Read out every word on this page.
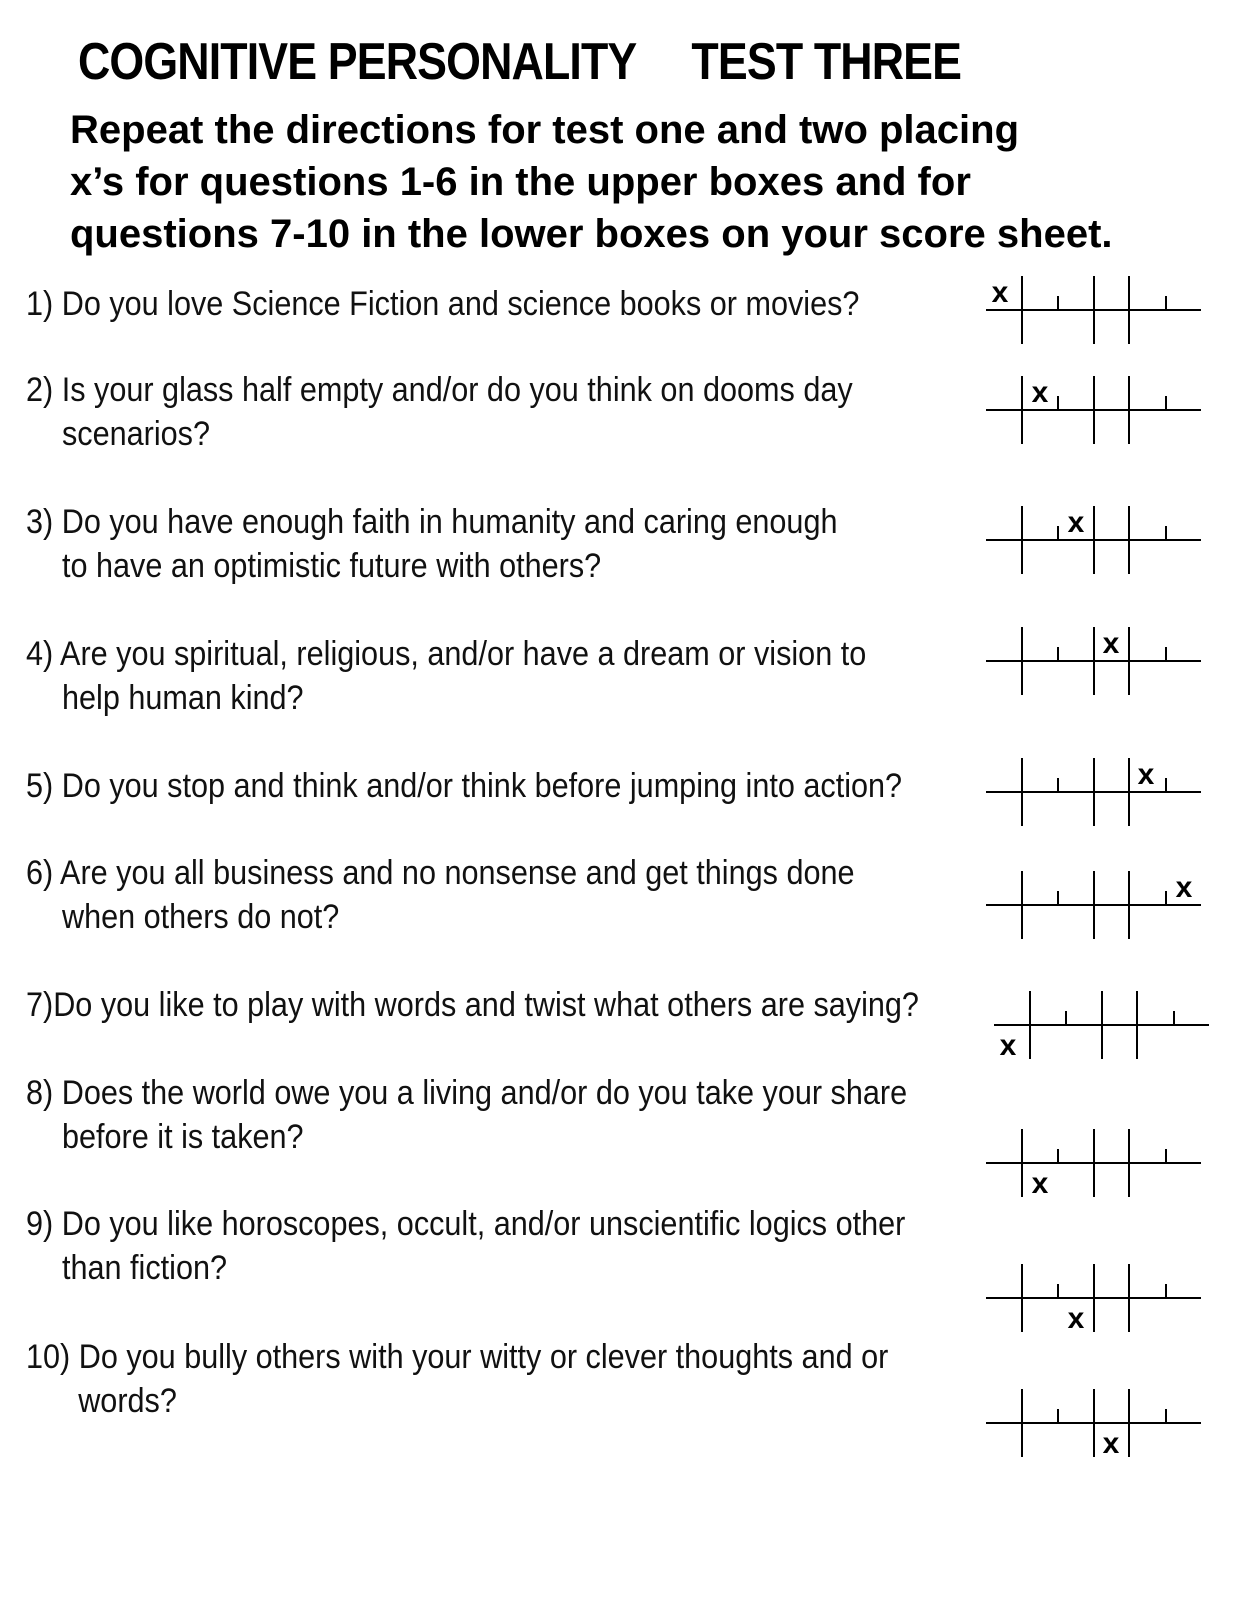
COGNITIVE PERSONALITY TEST THREE
Repeat the directions for test one and two placing
x’s for questions 1-6 in the upper boxes and for
questions 7-10 in the lower boxes on your score sheet.
1) Do you love Science Fiction and science books or movies?
2) Is your glass half empty and/or do you think on dooms day
scenarios?
3) Do you have enough faith in humanity and caring enough
to have an optimistic future with others?
4) Are you spiritual, religious, and/or have a dream or vision to
help human kind?
5) Do you stop and think and/or think before jumping into action?
6) Are you all business and no nonsense and get things done
when others do not?
7)Do you like to play with words and twist what others are saying?
8) Does the world owe you a living and/or do you take your share
before it is taken?
9) Do you like horoscopes, occult, and/or unscientific logics other
than fiction?
10) Do you bully others with your witty or clever thoughts and or
words?
x
x
x
x
x
x
x
x
x
x
